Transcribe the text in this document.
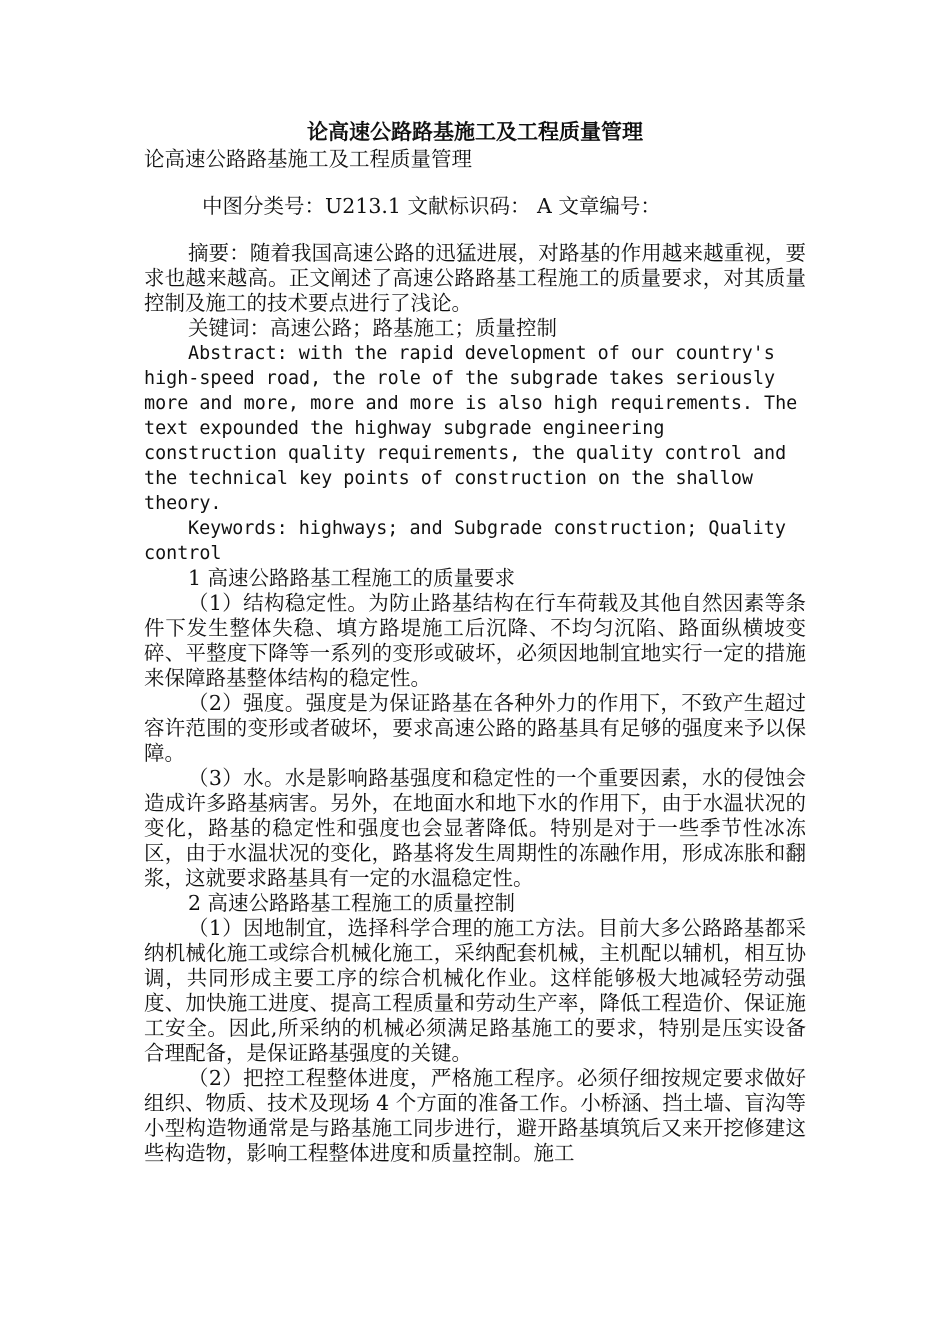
论高速公路路基施工及工程质量管理
论高速公路路基施工及工程质量管理
中图分类号：U213.1 文献标识码： A 文章编号：

摘要：随着我国高速公路的迅猛进展，对路基的作用越来越重视，要求也越来越高。正文阐述了高速公路路基工程施工的质量要求，对其质量控制及施工的技术要点进行了浅论。

关键词：高速公路；路基施工；质量控制

Abstract: with the rapid development of our country's high-speed road, the role of the subgrade takes seriously more and more, more and more is also high requirements. The text expounded the highway subgrade engineering construction quality requirements, the quality control and the technical key points of construction on the shallow theory.

Keywords: highways; and Subgrade construction; Quality control

1 高速公路路基工程施工的质量要求

（1）结构稳定性。为防止路基结构在行车荷载及其他自然因素等条件下发生整体失稳、填方路堤施工后沉降、不均匀沉陷、路面纵横坡变碎、平整度下降等一系列的变形或破坏，必须因地制宜地实行一定的措施来保障路基整体结构的稳定性。

（2）强度。强度是为保证路基在各种外力的作用下，不致产生超过容许范围的变形或者破坏，要求高速公路的路基具有足够的强度来予以保障。

（3）水。水是影响路基强度和稳定性的一个重要因素，水的侵蚀会造成许多路基病害。另外，在地面水和地下水的作用下，由于水温状况的变化，路基的稳定性和强度也会显著降低。特别是对于一些季节性冰冻区，由于水温状况的变化，路基将发生周期性的冻融作用，形成冻胀和翻浆，这就要求路基具有一定的水温稳定性。

2 高速公路路基工程施工的质量控制

（1）因地制宜，选择科学合理的施工方法。目前大多公路路基都采纳机械化施工或综合机械化施工，采纳配套机械，主机配以辅机，相互协调，共同形成主要工序的综合机械化作业。这样能够极大地减轻劳动强度、加快施工进度、提高工程质量和劳动生产率，降低工程造价、保证施工安全。因此,所采纳的机械必须满足路基施工的要求，特别是压实设备合理配备，是保证路基强度的关键。

（2）把控工程整体进度，严格施工程序。必须仔细按规定要求做好组织、物质、技术及现场 4 个方面的准备工作。小桥涵、挡土墙、盲沟等小型构造物通常是与路基施工同步进行，避开路基填筑后又来开挖修建这些构造物，影响工程整体进度和质量控制。施工
